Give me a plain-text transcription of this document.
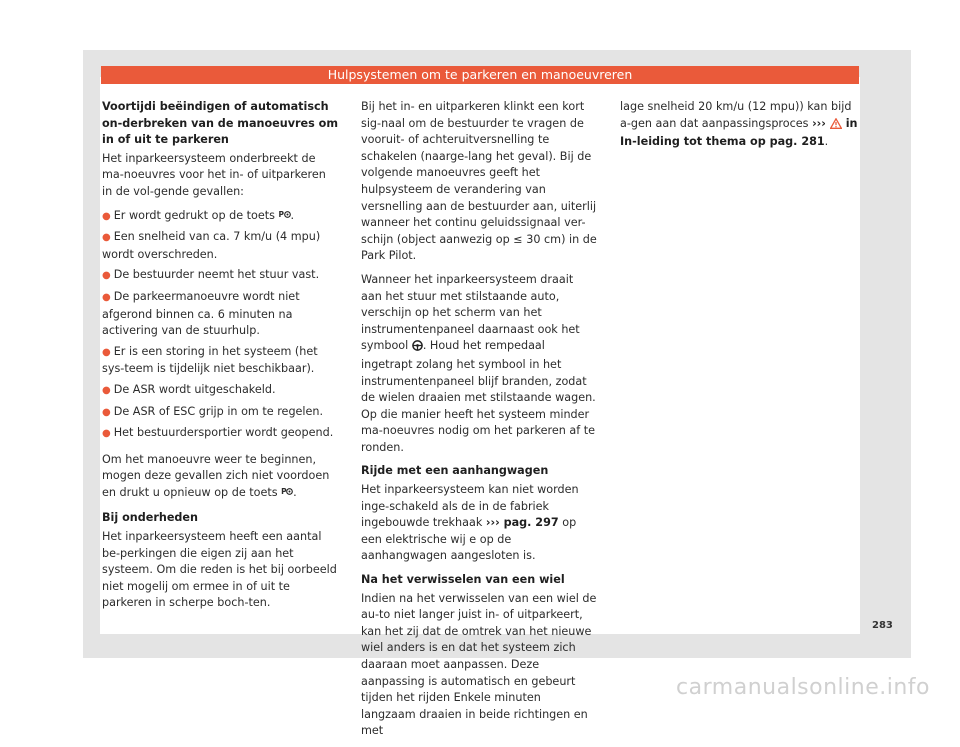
Hulpsystemen om te parkeren en manoeuvreren

Voortijdi beëindigen of automatisch on-derbreken van de manoeuvres om in of uit te parkeren

Het inparkeersysteem onderbreekt de ma-noeuvres voor het in- of uitparkeren in de vol-gende gevallen:

● Er wordt gedrukt op de toets P .

● Een snelheid van ca. 7 km/u (4 mpu) wordt overschreden.

● De bestuurder neemt het stuur vast.

● De parkeermanoeuvre wordt niet afgerond binnen ca. 6 minuten na activering van de stuurhulp.

● Er is een storing in het systeem (het sys-teem is tijdelijk niet beschikbaar).

● De ASR wordt uitgeschakeld.

● De ASR of ESC grijp in om te regelen.

● Het bestuurdersportier wordt geopend.

Om het manoeuvre weer te beginnen, mogen deze gevallen zich niet voordoen en drukt u opnieuw op de toets P .

Bij onderheden

Het inparkeersysteem heeft een aantal be-perkingen die eigen zij aan het systeem. Om die reden is het bij oorbeeld niet mogelij om ermee in of uit te parkeren in scherpe boch-ten.

Bij het in- en uitparkeren klinkt een kort sig-naal om de bestuurder te vragen de vooruit- of achteruitversnelling te schakelen (naarge-lang het geval). Bij de volgende manoeuvres geeft het hulpsysteem de verandering van versnelling aan de bestuurder aan, uiterlij wanneer het continu geluidssignaal ver-schijn (object aanwezig op ≤ 30 cm) in de Park Pilot.

Wanneer het inparkeersysteem draait aan het stuur met stilstaande auto, verschijn op het scherm van het instrumentenpaneel daarnaast ook het symbool . Houd het rempedaal ingetrapt zolang het symbool in het instrumentenpaneel blijf branden, zodat de wielen draaien met stilstaande wagen. Op die manier heeft het systeem minder ma-noeuvres nodig om het parkeren af te ronden.

Rijde met een aanhangwagen

Het inparkeersysteem kan niet worden inge-schakeld als de in de fabriek ingebouwde trekhaak ››› pag. 297 op een elektrische wij e op de aanhangwagen aangesloten is.

Na het verwisselen van een wiel

Indien na het verwisselen van een wiel de au-to niet langer juist in- of uitparkeert, kan het zij dat de omtrek van het nieuwe wiel anders is en dat het systeem zich daaraan moet aanpassen. Deze aanpassing is automatisch en gebeurt tijden het rijden Enkele minuten langzaam draaien in beide richtingen en met

lage snelheid 20 km/u (12 mpu)) kan bijd a-gen aan dat aanpassingsproces ››› in In-leiding tot thema op pag. 281.

283
carmanualsonline.info
